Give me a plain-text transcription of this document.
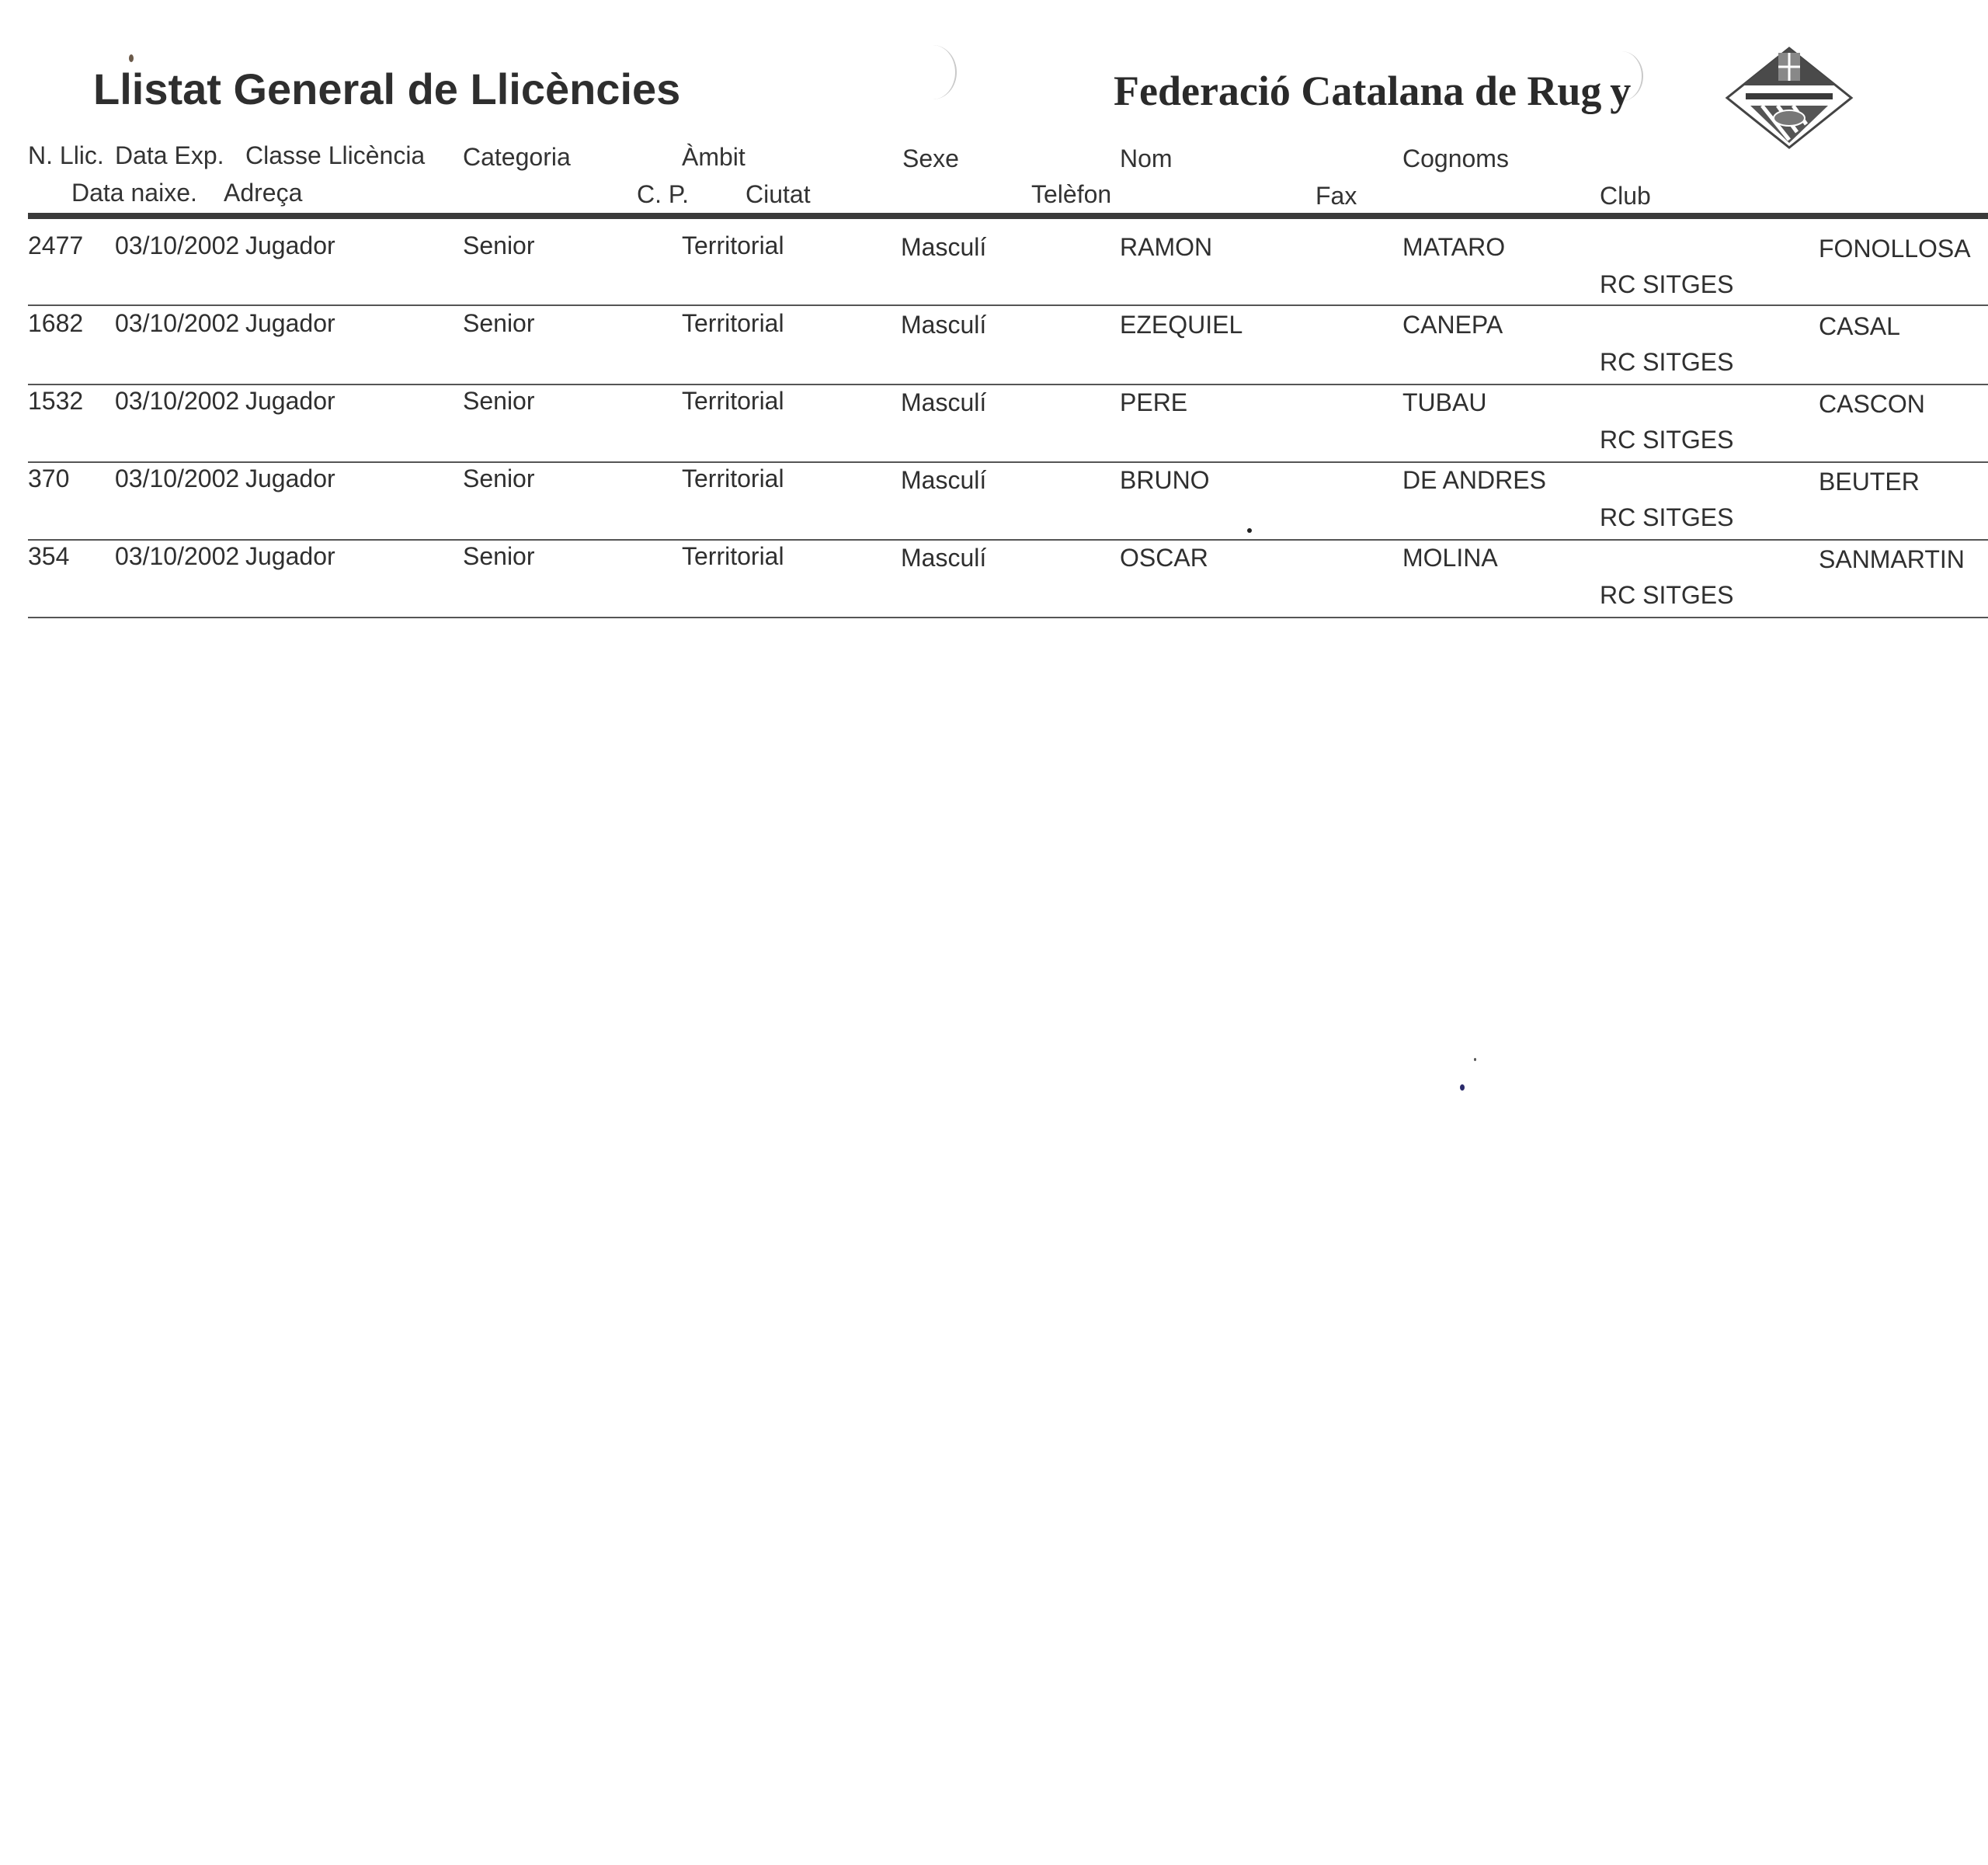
Llistat General de Llicències	Federació Catalana de Rug y
N. Llic. Data Exp. Classe Llicència Categoria	Àmbit	Sexe	Nom	Cognoms
Data naixe. Adreça	C. P. Ciutat	Telèfon	Fax	Club
2477 03/10/2002 Jugador	Senior	Territorial	Masculí	RAMON	MATARO	FONOLLOSA
RC SITGES
1682 03/10/2002 Jugador	Senior	Territorial	Masculí	EZEQUIEL	CANEPA	CASAL
RC SITGES
1532 03/10/2002 Jugador	Senior	Territorial	Masculí	PERE	TUBAU	CASCON
RC SITGES
370 03/10/2002 Jugador	Senior	Territorial	Masculí	BRUNO	DE ANDRES	BEUTER
RC SITGES
354 03/10/2002 Jugador	Senior	Territorial	Masculí	OSCAR	MOLINA	SANMARTIN
RC SITGES
